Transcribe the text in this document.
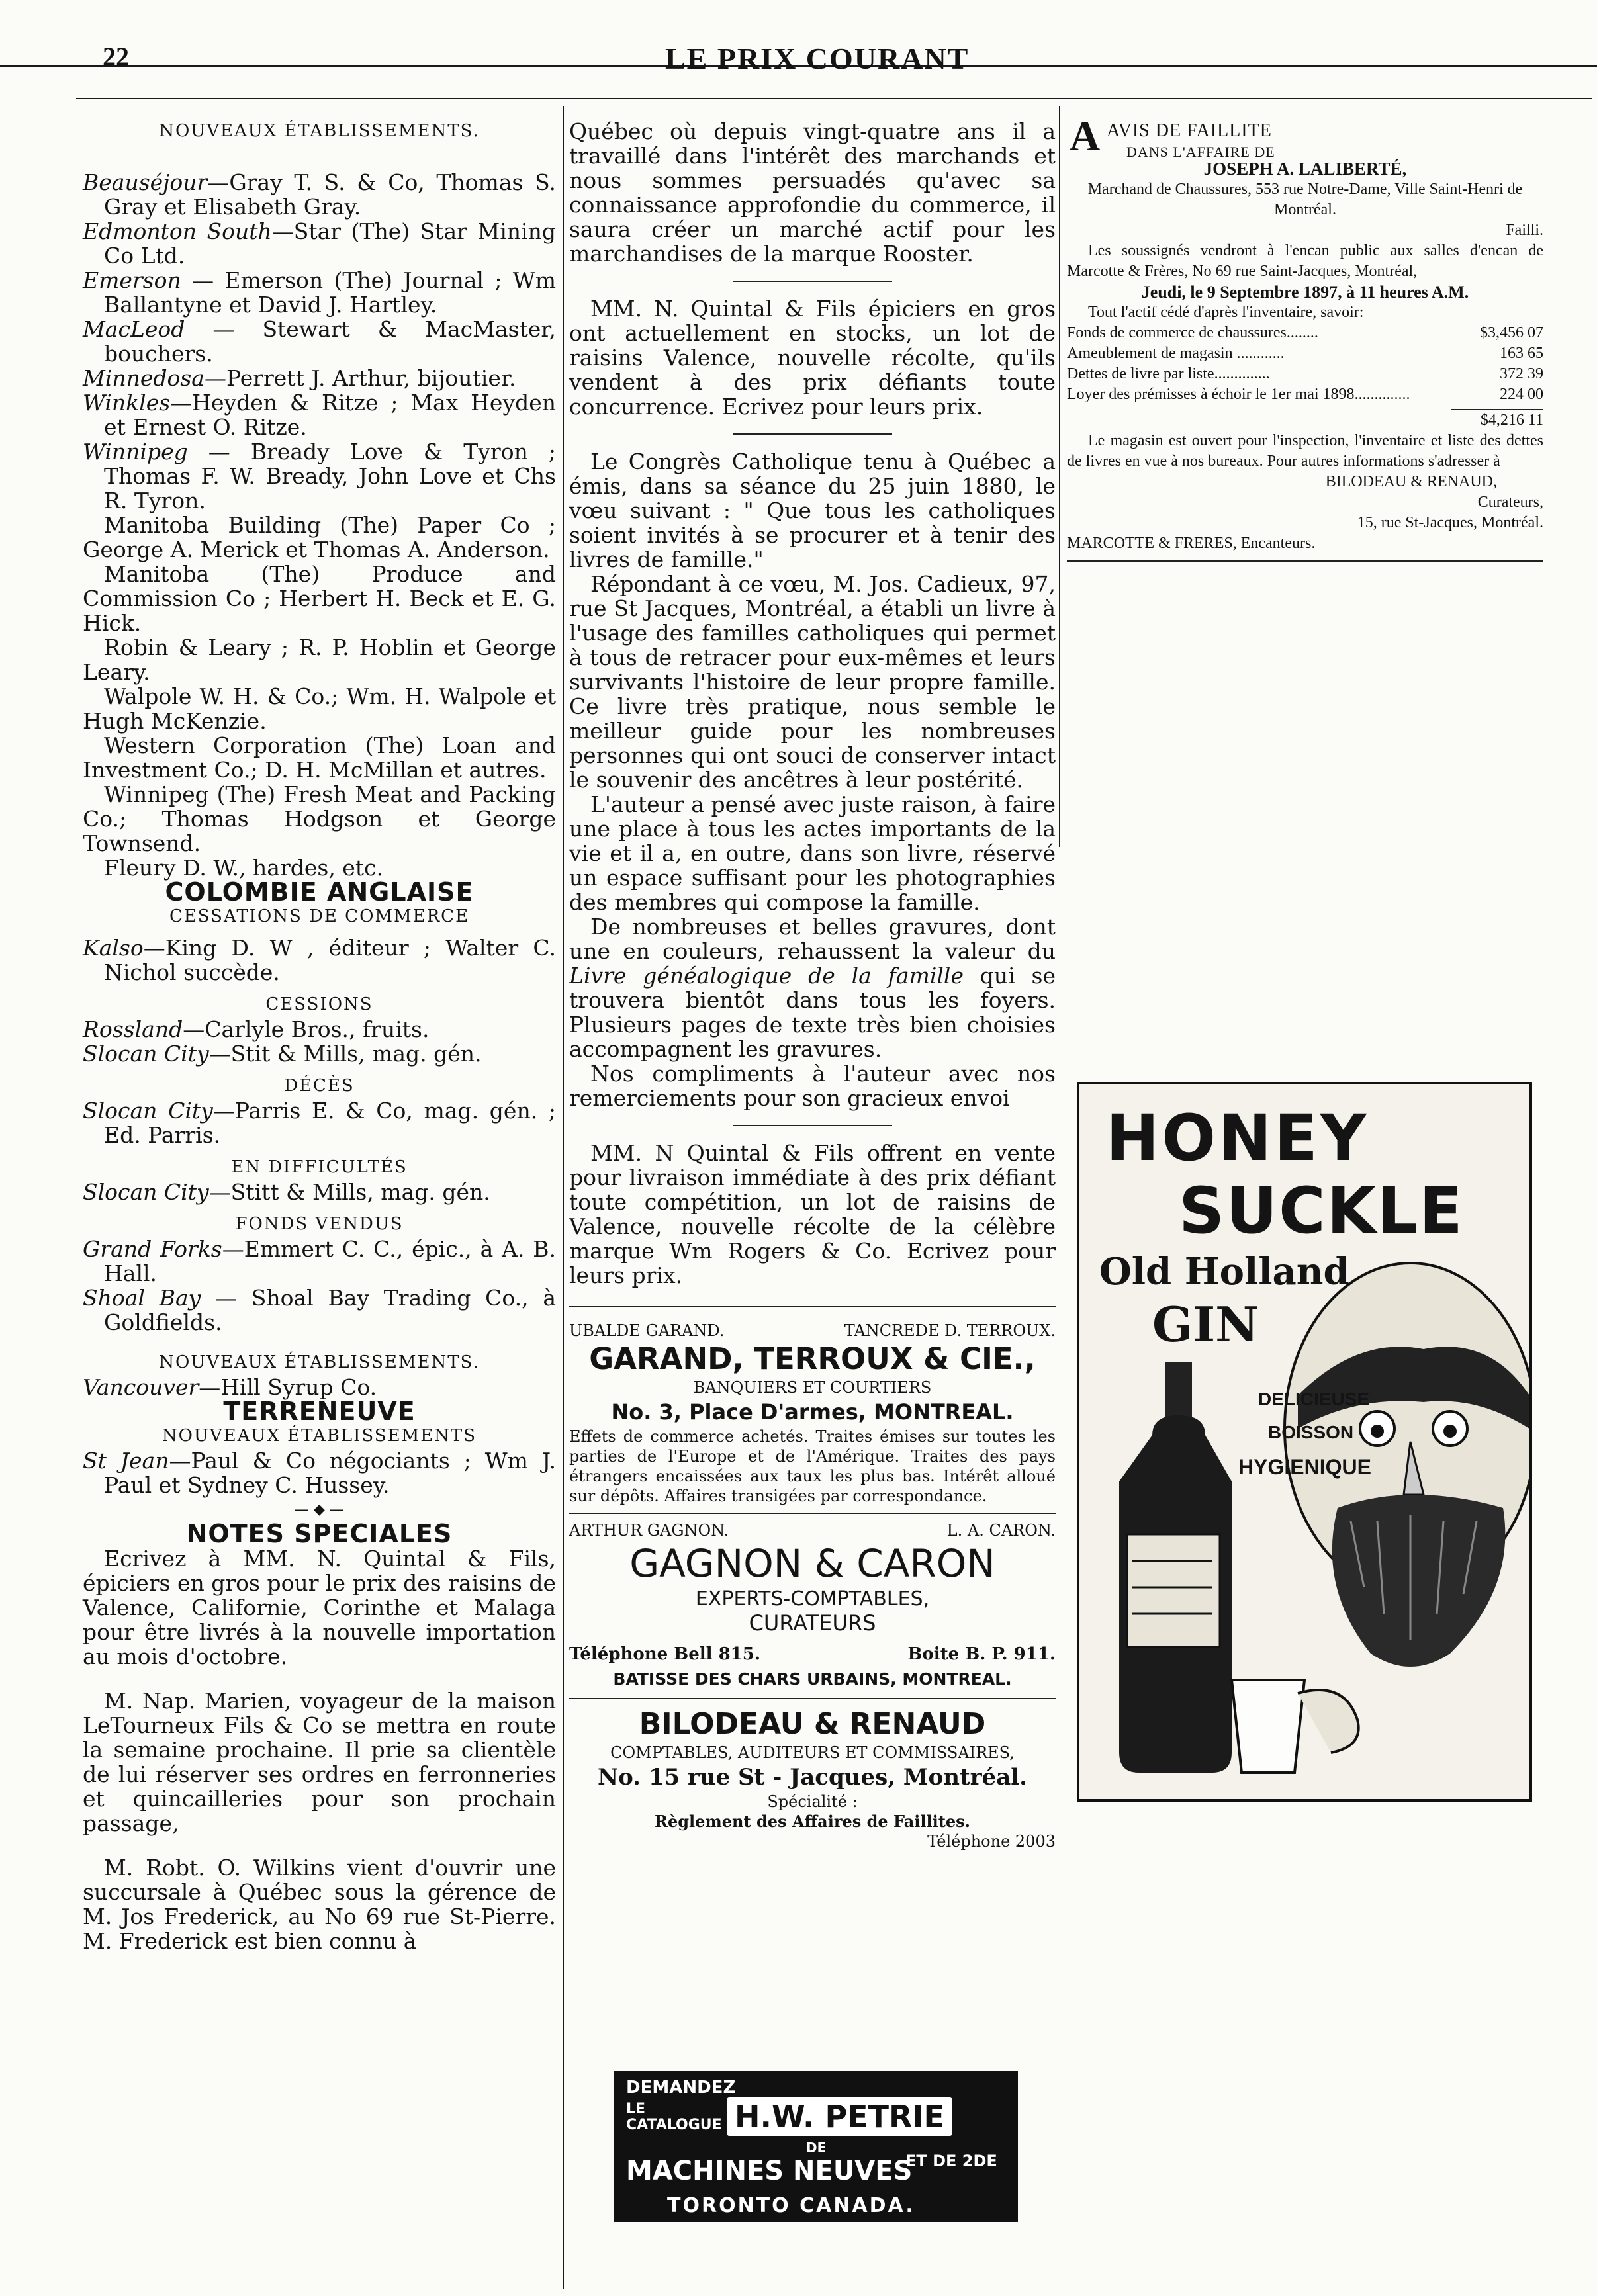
22	LE PRIX COURANT

NOUVEAUX ÉTABLISSEMENTS.

Beauséjour—Gray T. S. & Co, Thomas S. Gray et Elisabeth Gray.

Edmonton South—Star (The) Star Mining Co Ltd.

Emerson — Emerson (The) Journal ; Wm Ballantyne et David J. Hartley.

MacLeod — Stewart & MacMaster, bouchers.

Minnedosa—Perrett J. Arthur, bijoutier.

Winkles—Heyden & Ritze ; Max Heyden et Ernest O. Ritze.

Winnipeg — Bready Love & Tyron ; Thomas F. W. Bready, John Love et Chs R. Tyron.

Manitoba Building (The) Paper Co ; George A. Merick et Thomas A. Anderson.

Manitoba (The) Produce and Commission Co ; Herbert H. Beck et E. G. Hick.

Robin & Leary ; R. P. Hoblin et George Leary.

Walpole W. H. & Co.; Wm. H. Walpole et Hugh McKenzie.

Western Corporation (The) Loan and Investment Co.; D. H. McMillan et autres.

Winnipeg (The) Fresh Meat and Packing Co.; Thomas Hodgson et George Townsend.

Fleury D. W., hardes, etc.

COLOMBIE ANGLAISE

CESSATIONS DE COMMERCE

Kalso—King D. W , éditeur ; Walter C. Nichol succède.

CESSIONS

Rossland—Carlyle Bros., fruits.

Slocan City—Stit & Mills, mag. gén.

DÉCÈS

Slocan City—Parris E. & Co, mag. gén. ; Ed. Parris.

EN DIFFICULTÉS

Slocan City—Stitt & Mills, mag. gén.

FONDS VENDUS

Grand Forks—Emmert C. C., épic., à A. B. Hall.

Shoal Bay — Shoal Bay Trading Co., à Goldfields.

NOUVEAUX ÉTABLISSEMENTS.

Vancouver—Hill Syrup Co.

TERRENEUVE

NOUVEAUX ÉTABLISSEMENTS

St Jean—Paul & Co négociants ; Wm J. Paul et Sydney C. Hussey.

— ◆ —

NOTES SPECIALES

Ecrivez à MM. N. Quintal & Fils, épiciers en gros pour le prix des raisins de Valence, Californie, Corinthe et Malaga pour être livrés à la nouvelle importation au mois d'octobre.

M. Nap. Marien, voyageur de la maison LeTourneux Fils & Co se mettra en route la semaine prochaine. Il prie sa clientèle de lui réserver ses ordres en ferronneries et quincailleries pour son prochain passage,

M. Robt. O. Wilkins vient d'ouvrir une succursale à Québec sous la gérence de M. Jos Frederick, au No 69 rue St-Pierre. M. Frederick est bien connu à

Québec où depuis vingt-quatre ans il a travaillé dans l'intérêt des marchands et nous sommes persuadés qu'avec sa connaissance approfondie du commerce, il saura créer un marché actif pour les marchandises de la marque Rooster.

MM. N. Quintal & Fils épiciers en gros ont actuellement en stocks, un lot de raisins Valence, nouvelle récolte, qu'ils vendent à des prix défiants toute concurrence. Ecrivez pour leurs prix.

Le Congrès Catholique tenu à Québec a émis, dans sa séance du 25 juin 1880, le vœu suivant : " Que tous les catholiques soient invités à se procurer et à tenir des livres de famille."

Répondant à ce vœu, M. Jos. Cadieux, 97, rue St Jacques, Montréal, a établi un livre à l'usage des familles catholiques qui permet à tous de retracer pour eux-mêmes et leurs survivants l'histoire de leur propre famille. Ce livre très pratique, nous semble le meilleur guide pour les nombreuses personnes qui ont souci de conserver intact le souvenir des ancêtres à leur postérité.

L'auteur a pensé avec juste raison, à faire une place à tous les actes importants de la vie et il a, en outre, dans son livre, réservé un espace suffisant pour les photographies des membres qui compose la famille.

De nombreuses et belles gravures, dont une en couleurs, rehaussent la valeur du Livre généalogique de la famille qui se trouvera bientôt dans tous les foyers. Plusieurs pages de texte très bien choisies accompagnent les gravures.

Nos compliments à l'auteur avec nos remerciements pour son gracieux envoi

MM. N Quintal & Fils offrent en vente pour livraison immédiate à des prix défiant toute compétition, un lot de raisins de Valence, nouvelle récolte de la célèbre marque Wm Rogers & Co. Ecrivez pour leurs prix.

UBALDE GARAND.	TANCREDE D. TERROUX.
GARAND, TERROUX & CIE.,
BANQUIERS ET COURTIERS
No. 3, Place D'armes, MONTREAL.
Effets de commerce achetés. Traites émises sur toutes les parties de l'Europe et de l'Amérique. Traites des pays étrangers encaissées aux taux les plus bas. Intérêt alloué sur dépôts. Affaires transigées par correspondance.
ARTHUR GAGNON.	L. A. CARON.
GAGNON & CARON
EXPERTS-COMPTABLES,
CURATEURS
Téléphone Bell 815.	Boite B. P. 911.
BATISSE DES CHARS URBAINS, MONTREAL.
BILODEAU & RENAUD
COMPTABLES, AUDITEURS ET COMMISSAIRES,
No. 15 rue St - Jacques, Montréal.
Spécialité :
Règlement des Affaires de Faillites.
Téléphone 2003
DEMANDEZ
LE CATALOGUE H.W. PETRIE
DE
MACHINES NEUVES
ET DE 2DE
TORONTO CANADA.
A AVIS DE FAILLITE
DANS L'AFFAIRE DE

JOSEPH A. LALIBERTÉ,

Marchand de Chaussures, 553 rue Notre-Dame, Ville Saint-Henri de Montréal.

Failli.

Les soussignés vendront à l'encan public aux salles d'encan de Marcotte & Frères, No 69 rue Saint-Jacques, Montréal,

Jeudi, le 9 Septembre 1897, à 11 heures A.M.

Tout l'actif cédé d'après l'inventaire, savoir:

Fonds de commerce de chaussures........	$3,456 07
Ameublement de magasin ............	163 65
Dettes de livre par liste..............	372 39
Loyer des prémisses à échoir le 1er mai 1898..............	224 00
$4,216 11

Le magasin est ouvert pour l'inspection, l'inventaire et liste des dettes de livres en vue à nos bureaux. Pour autres informations s'adresser à

BILODEAU & RENAUD,

Curateurs,

15, rue St-Jacques, Montréal.

MARCOTTE & FRERES, Encanteurs.

HONEY
SUCKLE
Old Holland
GIN
DELICIEUSE
BOISSON
HYGIENIQUE
